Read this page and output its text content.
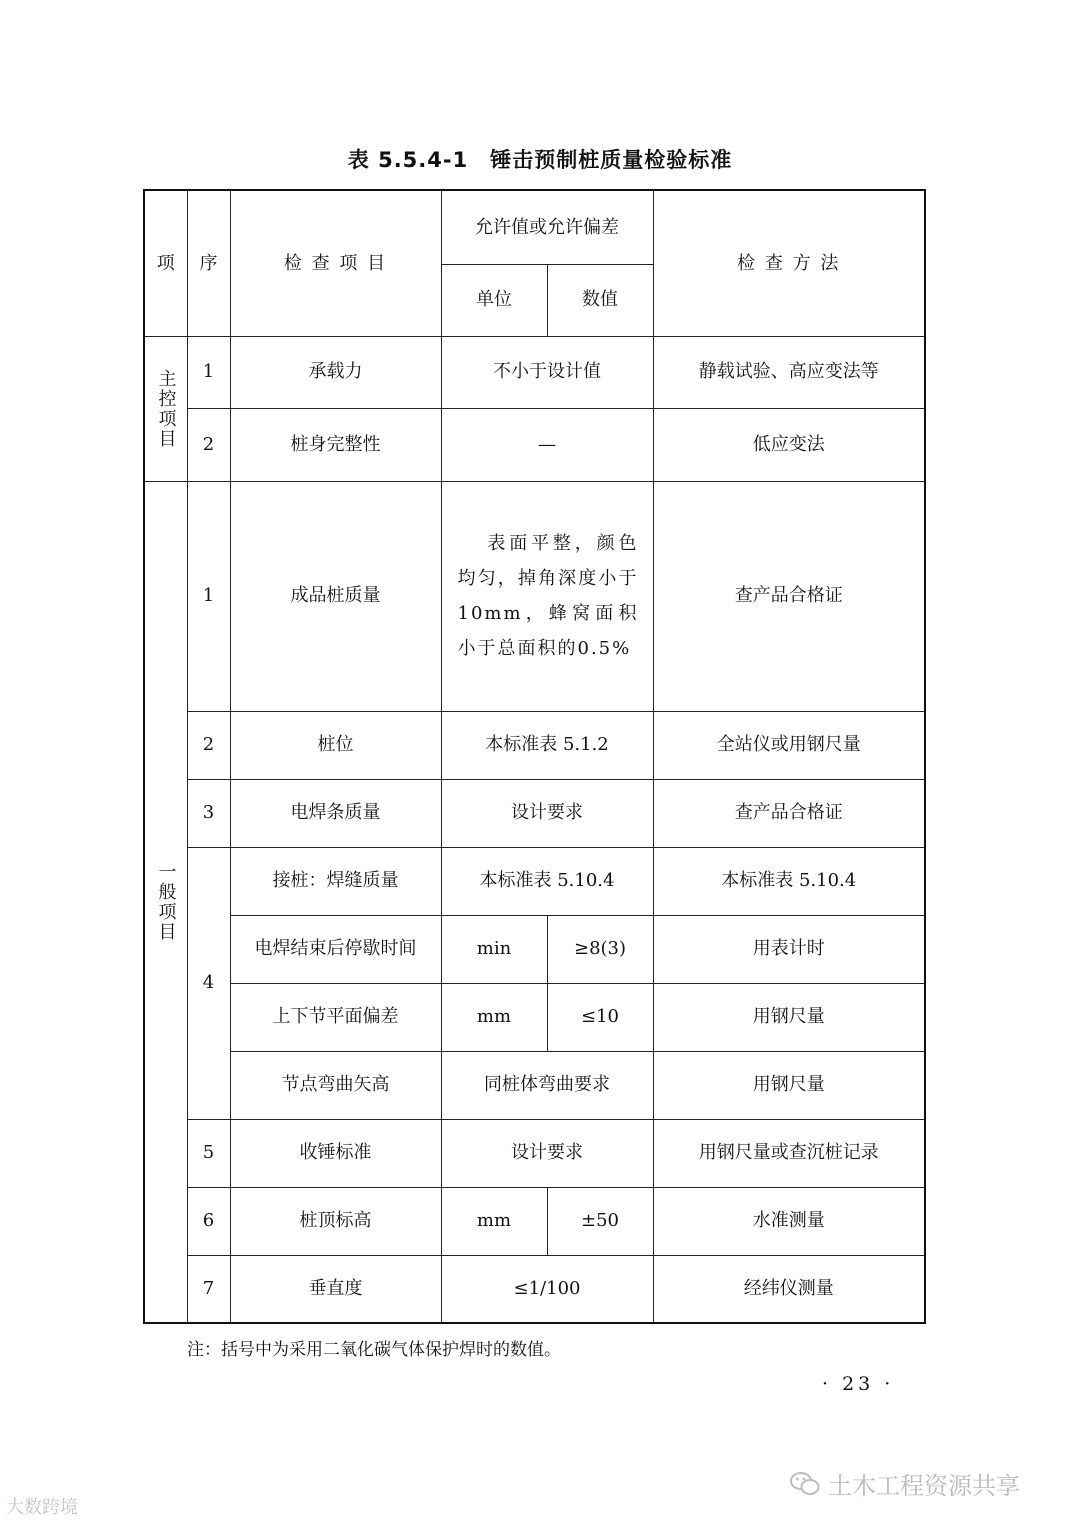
表 5.5.4-1 锤击预制桩质量检验标准
项	序	检 查 项 目	允许值或允许偏差		检 查 方 法
			单位	数值	

主控项目	1	承载力	不小于设计值		静载试验、高应变法等
	2	桩身完整性	—		低应变法

一般项目	1	成品桩质量	表面平整，颜色均匀，掉角深度小于10mm，蜂窝面积小于总面积的0.5%		查产品合格证
	2	桩位	本标准表 5.1.2		全站仪或用钢尺量
	3	电焊条质量	设计要求		查产品合格证
	4	接桩：焊缝质量	本标准表 5.10.4		本标准表 5.10.4
		电焊结束后停歇时间	min	≥8(3)	用表计时
		上下节平面偏差	mm	≤10	用钢尺量
		节点弯曲矢高	同桩体弯曲要求		用钢尺量
	5	收锤标准	设计要求		用钢尺量或查沉桩记录
	6	桩顶标高	mm	±50	水准测量
	7	垂直度	≤1/100		经纬仪测量
注：括号中为采用二氧化碳气体保护焊时的数值。
· 23 ·
土木工程资源共享
大数跨境
